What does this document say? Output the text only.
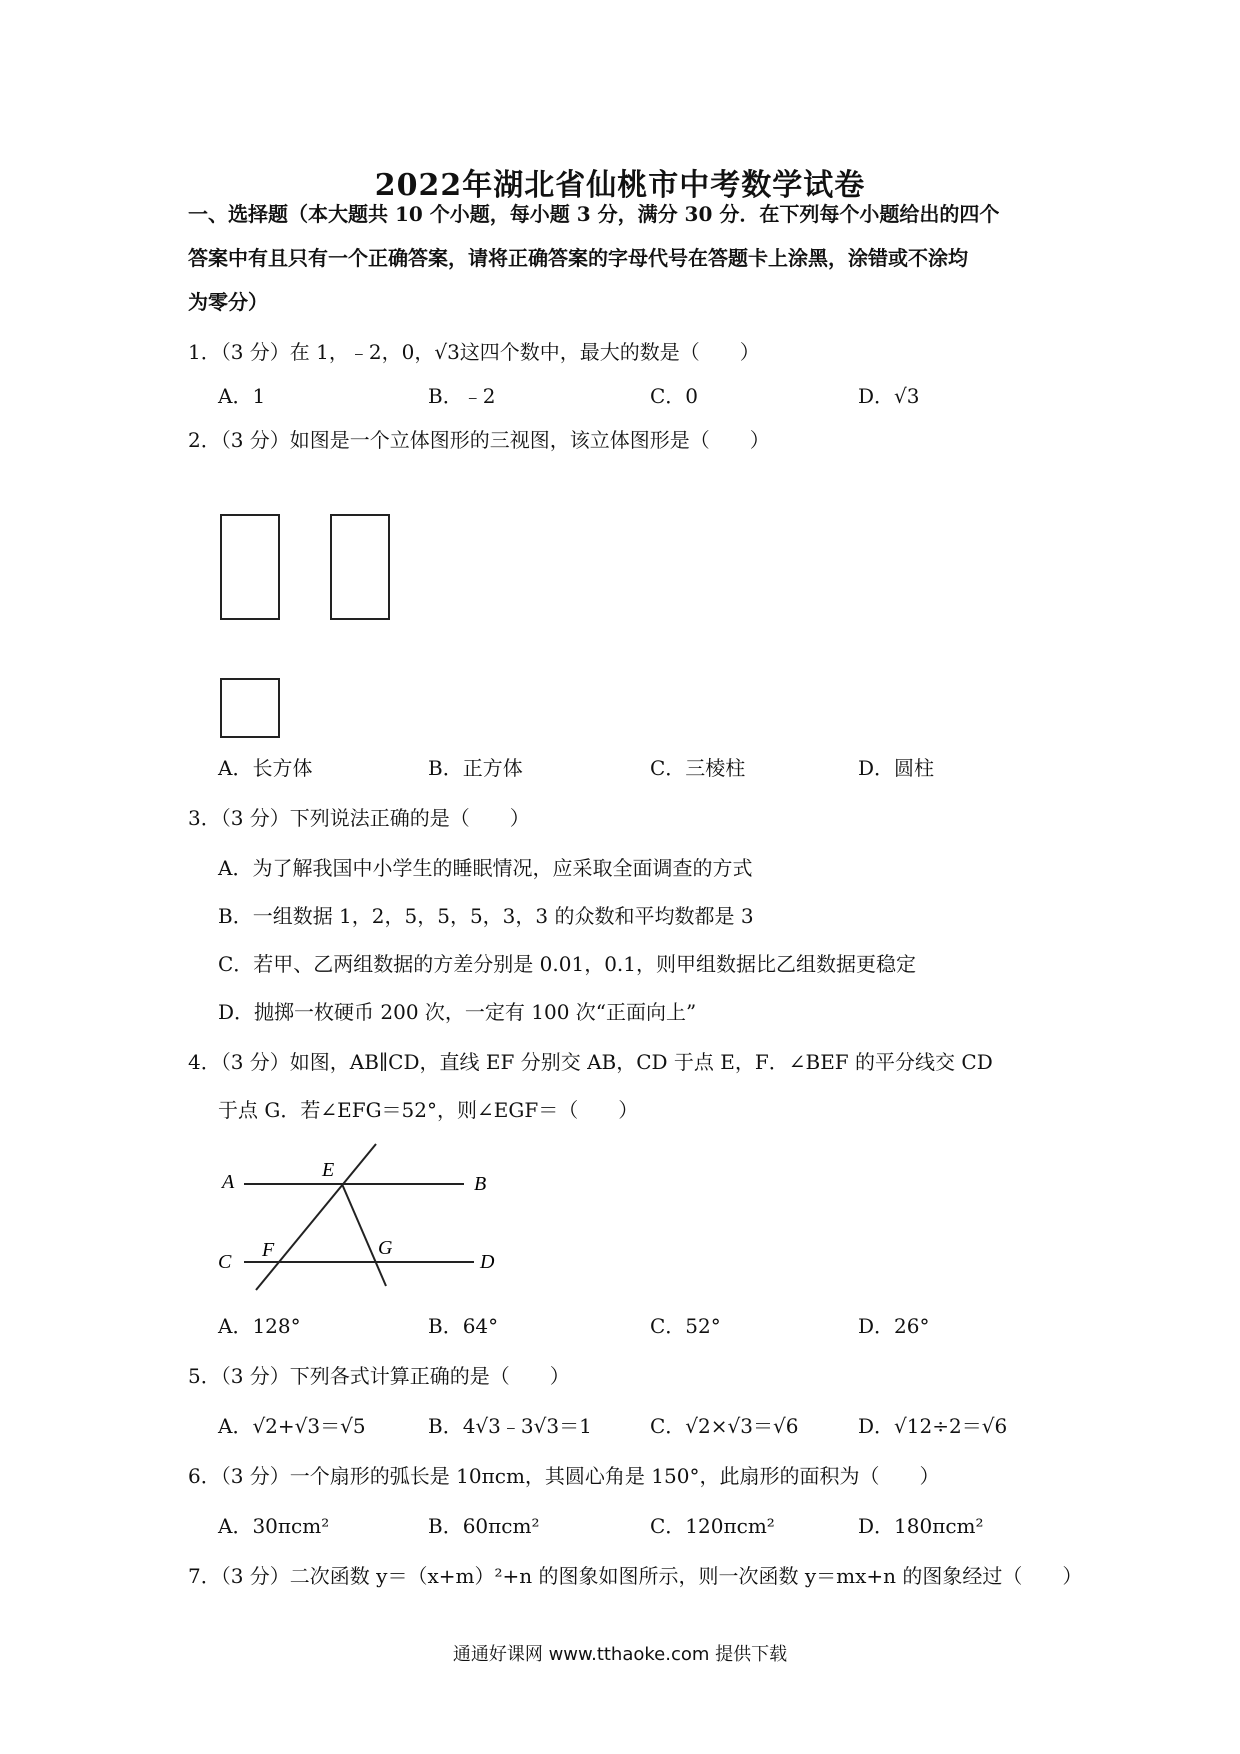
2022年湖北省仙桃市中考数学试卷
一、选择题（本大题共 10 个小题，每小题 3 分，满分 30 分．在下列每个小题给出的四个
答案中有且只有一个正确答案，请将正确答案的字母代号在答题卡上涂黑，涂错或不涂均
为零分）
1．（3 分）在 1，﹣2，0，√3这四个数中，最大的数是（　　）
A．1	B．﹣2	C．0	D．√3
2．（3 分）如图是一个立体图形的三视图，该立体图形是（　　）
A．长方体	B．正方体	C．三棱柱	D．圆柱
3．（3 分）下列说法正确的是（　　）
A．为了解我国中小学生的睡眠情况，应采取全面调查的方式
B．一组数据 1，2，5，5，5，3，3 的众数和平均数都是 3
C．若甲、乙两组数据的方差分别是 0.01，0.1，则甲组数据比乙组数据更稳定
D．抛掷一枚硬币 200 次，一定有 100 次“正面向上”
4．（3 分）如图，AB∥CD，直线 EF 分别交 AB，CD 于点 E，F．∠BEF 的平分线交 CD
于点 G．若∠EFG＝52°，则∠EGF＝（　　）
A
E
B
C
F	G
D
A．128°	B．64°	C．52°	D．26°
5．（3 分）下列各式计算正确的是（　　）
A．√2+√3＝√5	B．4√3﹣3√3＝1	C．√2×√3＝√6	D．√12÷2＝√6
6．（3 分）一个扇形的弧长是 10πcm，其圆心角是 150°，此扇形的面积为（　　）
A．30πcm²	B．60πcm²	C．120πcm²	D．180πcm²
7．（3 分）二次函数 y＝（x+m）²+n 的图象如图所示，则一次函数 y＝mx+n 的图象经过（　　）
通通好课网 www.tthaoke.com 提供下载
